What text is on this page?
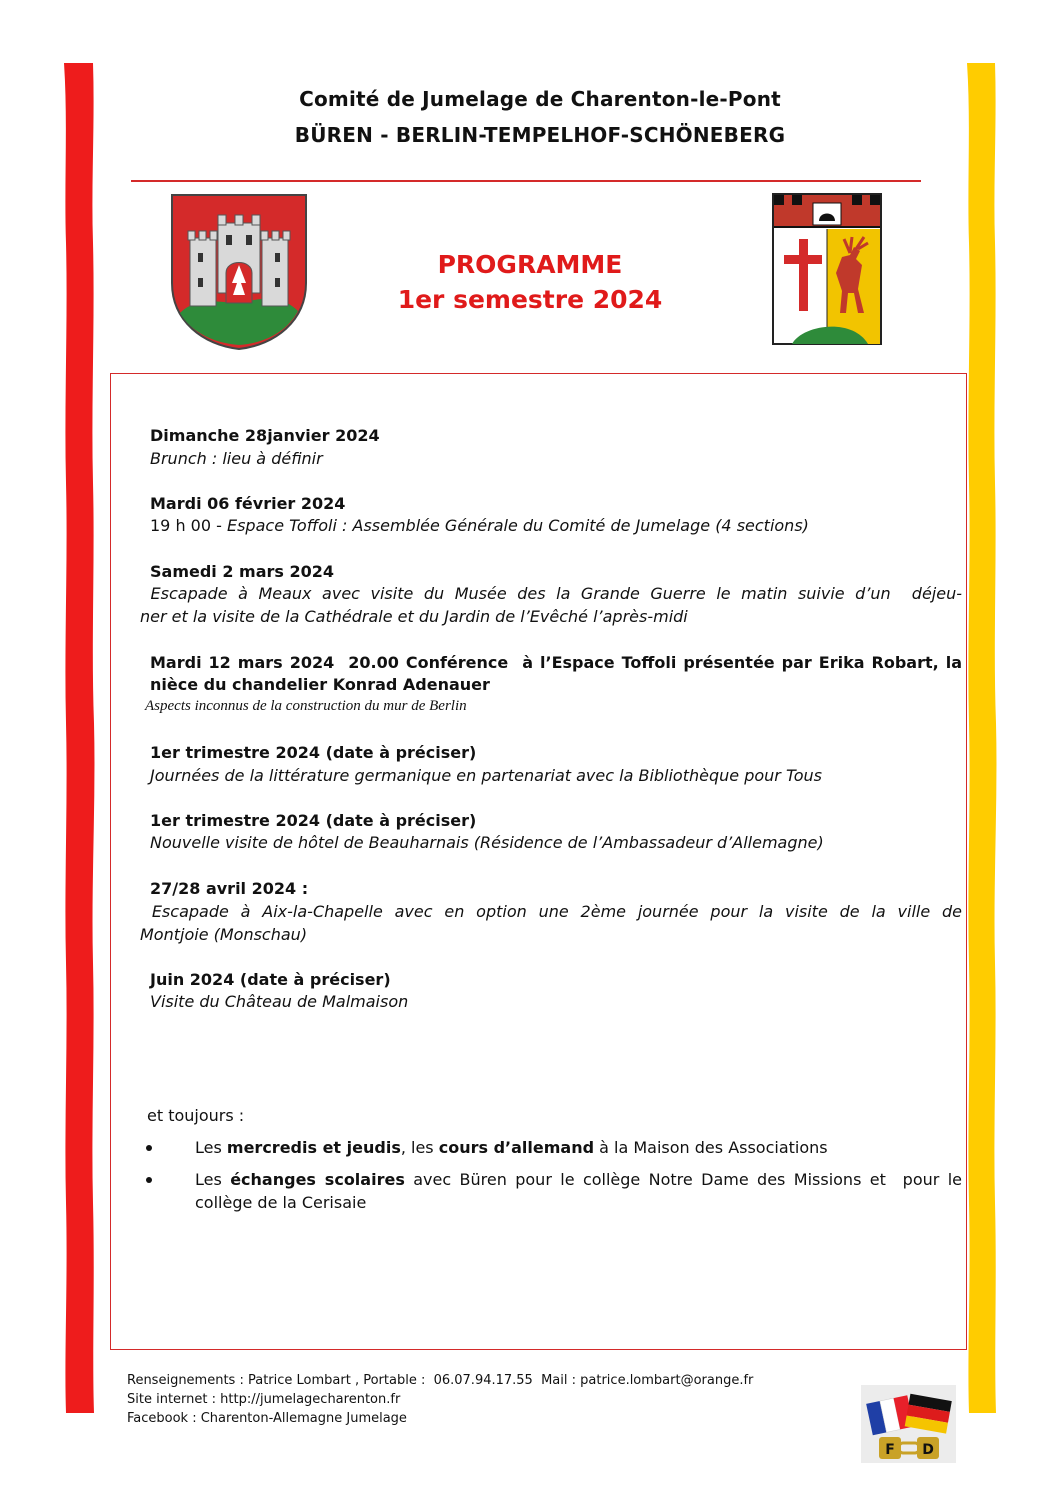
Comité de Jumelage de Charenton-le-Pont
BÜREN - BERLIN-TEMPELHOF-SCHÖNEBERG
PROGRAMME
1er semestre 2024
Dimanche 28janvier 2024
Brunch : lieu à définir
Mardi 06 février 2024
19 h 00 - Espace Toffoli : Assemblée Générale du Comité de Jumelage (4 sections)
Samedi 2 mars 2024
Escapade à Meaux avec visite du Musée des la Grande Guerre le matin suivie d’un  déjeu-
ner et la visite de la Cathédrale et du Jardin de l’Evêché l’après-midi
Mardi 12 mars 2024  20.00 Conférence  à l’Espace Toffoli présentée par Erika Robart, la
nièce du chandelier Konrad Adenauer
Aspects inconnus de la construction du mur de Berlin
1er trimestre 2024 (date à préciser)
Journées de la littérature germanique en partenariat avec la Bibliothèque pour Tous
1er trimestre 2024 (date à préciser)
Nouvelle visite de hôtel de Beauharnais (Résidence de l’Ambassadeur d’Allemagne)
27/28 avril 2024 :
Escapade à Aix-la-Chapelle avec en option une 2ème journée pour la visite de la ville de
Montjoie (Monschau)
Juin 2024 (date à préciser)
Visite du Château de Malmaison
et toujours :
Les mercredis et jeudis, les cours d’allemand à la Maison des Associations
Les échanges scolaires avec Büren pour le collège Notre Dame des Missions et  pour le
collège de la Cerisaie
Renseignements : Patrice Lombart , Portable :  06.07.94.17.55  Mail : patrice.lombart@orange.fr
Site internet : http://jumelagecharenton.fr
Facebook : Charenton-Allemagne Jumelage
F D
